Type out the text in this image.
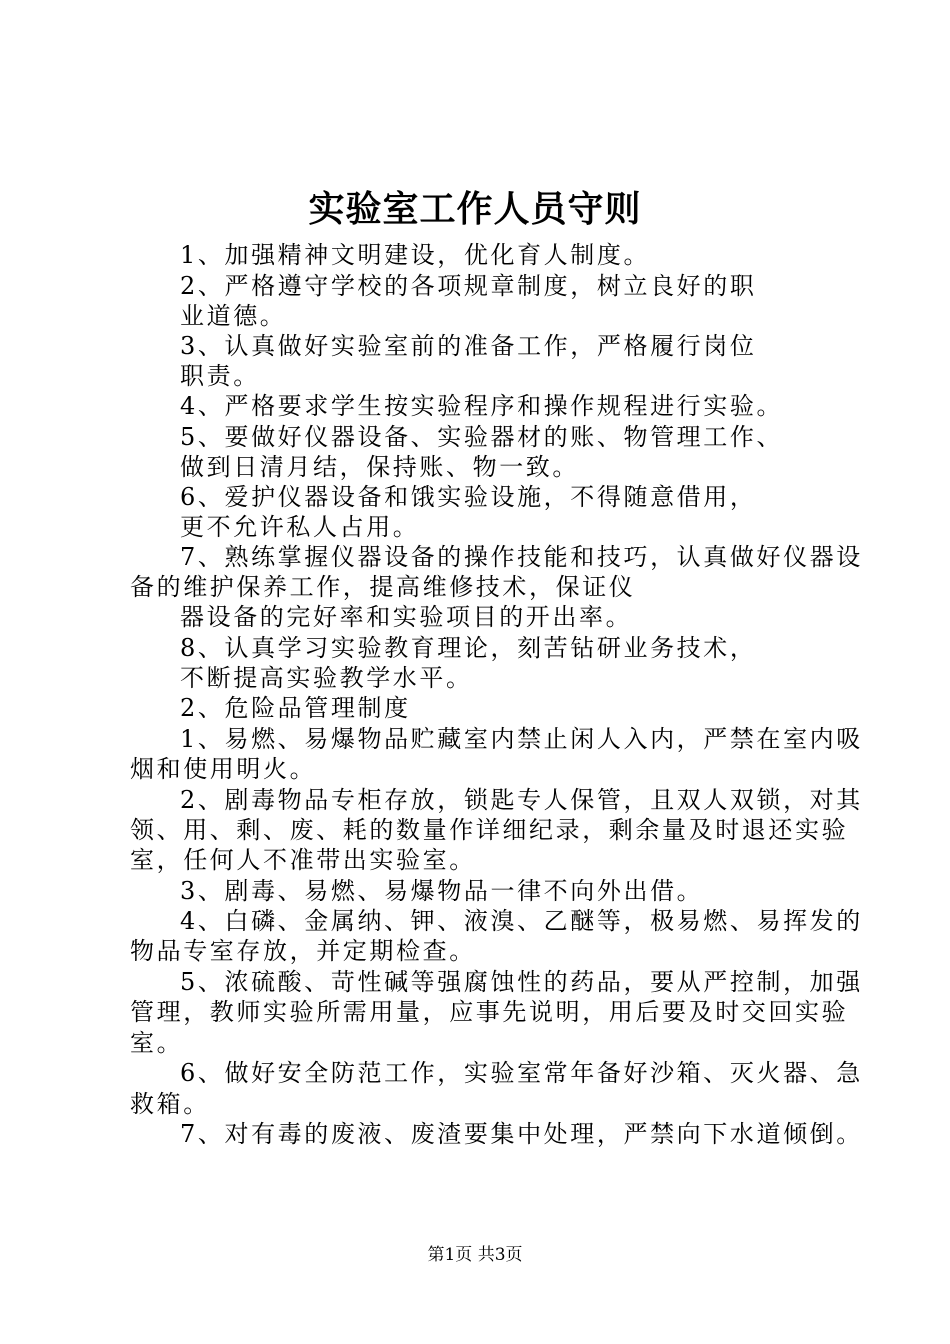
实验室工作人员守则
1、加强精神文明建设，优化育人制度。
2、严格遵守学校的各项规章制度，树立良好的职
业道德。
3、认真做好实验室前的准备工作，严格履行岗位
职责。
4、严格要求学生按实验程序和操作规程进行实验。
5、要做好仪器设备、实验器材的账、物管理工作、
做到日清月结，保持账、物一致。
6、爱护仪器设备和饿实验设施，不得随意借用，
更不允许私人占用。
7、熟练掌握仪器设备的操作技能和技巧，认真做好仪器设
备的维护保养工作，提高维修技术，保证仪
器设备的完好率和实验项目的开出率。
8、认真学习实验教育理论，刻苦钻研业务技术，
不断提高实验教学水平。
2、危险品管理制度
1、易燃、易爆物品贮藏室内禁止闲人入内，严禁在室内吸
烟和使用明火。
2、剧毒物品专柜存放，锁匙专人保管，且双人双锁，对其
领、用、剩、废、耗的数量作详细纪录，剩余量及时退还实验
室，任何人不准带出实验室。
3、剧毒、易燃、易爆物品一律不向外出借。
4、白磷、金属纳、钾、液溴、乙醚等，极易燃、易挥发的
物品专室存放，并定期检查。
5、浓硫酸、苛性碱等强腐蚀性的药品，要从严控制，加强
管理，教师实验所需用量，应事先说明，用后要及时交回实验
室。
6、做好安全防范工作，实验室常年备好沙箱、灭火器、急
救箱。
7、对有毒的废液、废渣要集中处理，严禁向下水道倾倒。
第1页 共3页
